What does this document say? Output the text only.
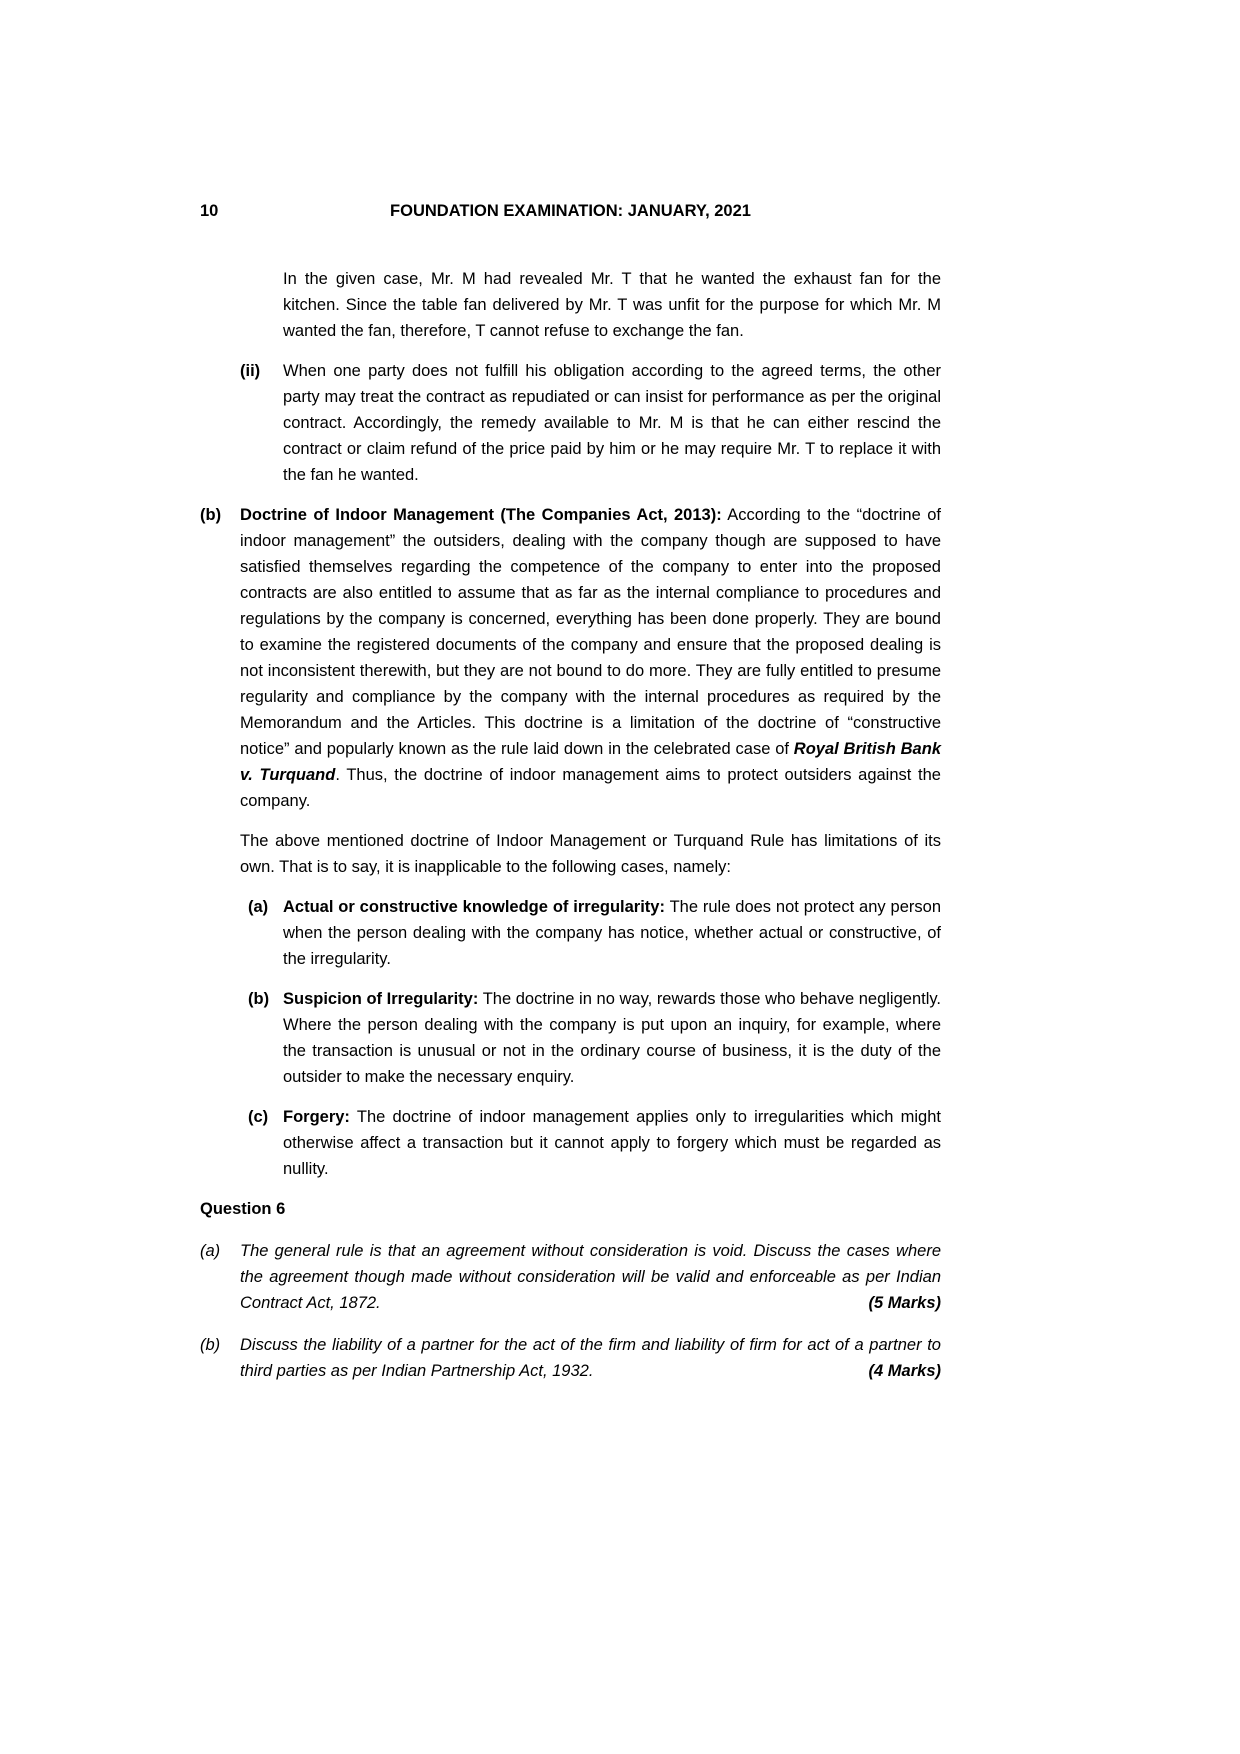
10	FOUNDATION EXAMINATION: JANUARY, 2021

In the given case, Mr. M had revealed Mr. T that he wanted the exhaust fan for the kitchen. Since the table fan delivered by Mr. T was unfit for the purpose for which Mr. M wanted the fan, therefore, T cannot refuse to exchange the fan.

(ii) When one party does not fulfill his obligation according to the agreed terms, the other party may treat the contract as repudiated or can insist for performance as per the original contract. Accordingly, the remedy available to Mr. M is that he can either rescind the contract or claim refund of the price paid by him or he may require Mr. T to replace it with the fan he wanted.
(b) Doctrine of Indoor Management (The Companies Act, 2013): According to the “doctrine of indoor management” the outsiders, dealing with the company though are supposed to have satisfied themselves regarding the competence of the company to enter into the proposed contracts are also entitled to assume that as far as the internal compliance to procedures and regulations by the company is concerned, everything has been done properly. They are bound to examine the registered documents of the company and ensure that the proposed dealing is not inconsistent therewith, but they are not bound to do more. They are fully entitled to presume regularity and compliance by the company with the internal procedures as required by the Memorandum and the Articles. This doctrine is a limitation of the doctrine of “constructive notice” and popularly known as the rule laid down in the celebrated case of Royal British Bank v. Turquand. Thus, the doctrine of indoor management aims to protect outsiders against the company.

The above mentioned doctrine of Indoor Management or Turquand Rule has limitations of its own. That is to say, it is inapplicable to the following cases, namely:

(a) Actual or constructive knowledge of irregularity: The rule does not protect any person when the person dealing with the company has notice, whether actual or constructive, of the irregularity.
(b) Suspicion of Irregularity: The doctrine in no way, rewards those who behave negligently. Where the person dealing with the company is put upon an inquiry, for example, where the transaction is unusual or not in the ordinary course of business, it is the duty of the outsider to make the necessary enquiry.
(c) Forgery: The doctrine of indoor management applies only to irregularities which might otherwise affect a transaction but it cannot apply to forgery which must be regarded as nullity.
Question 6
(a) The general rule is that an agreement without consideration is void. Discuss the cases where the agreement though made without consideration will be valid and enforceable as per Indian Contract Act, 1872.	(5 Marks)
(b) Discuss the liability of a partner for the act of the firm and liability of firm for act of a partner to third parties as per Indian Partnership Act, 1932.	(4 Marks)
